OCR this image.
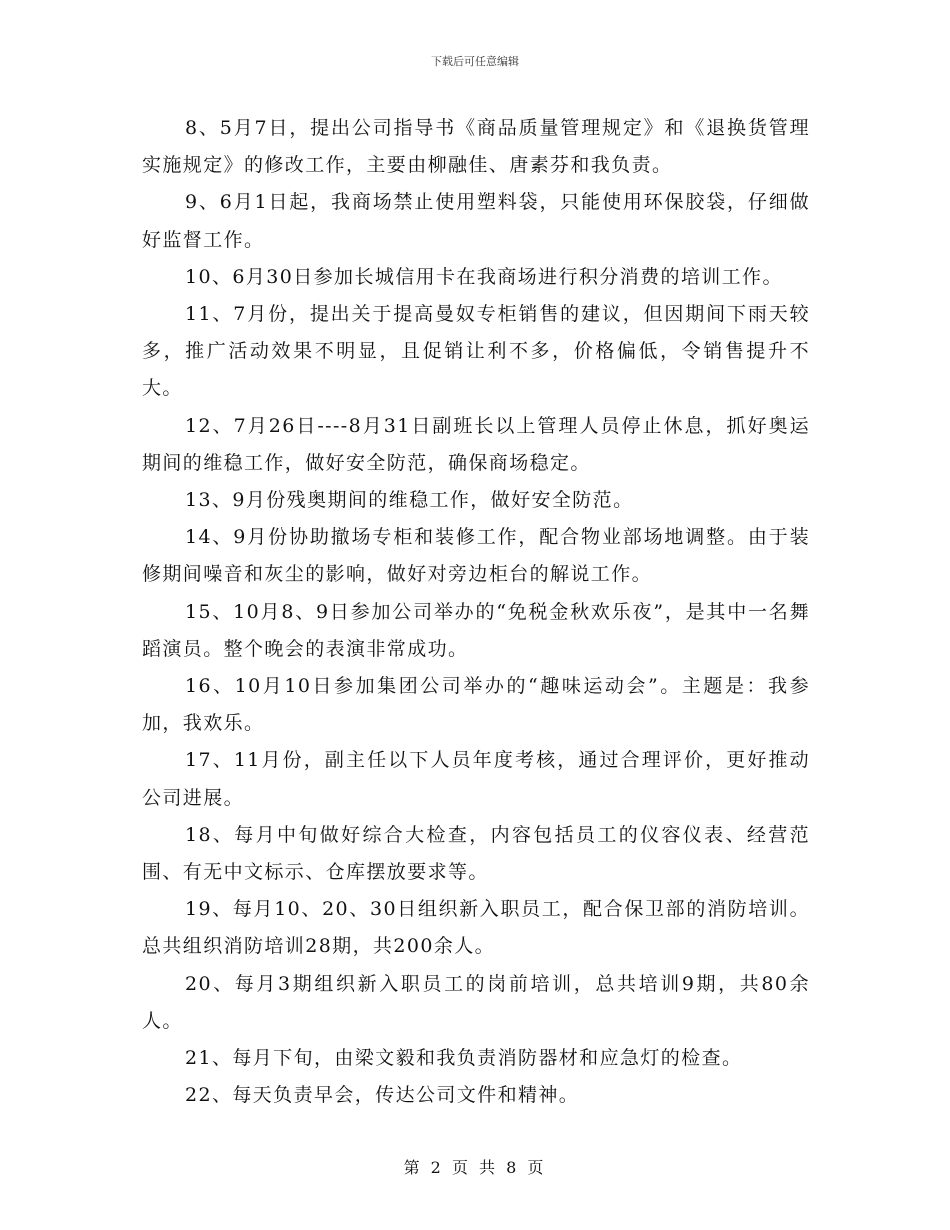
下载后可任意编辑

8、5月7日，提出公司指导书《商品质量管理规定》和《退换货管理实施规定》的修改工作，主要由柳融佳、唐素芬和我负责。

9、6月1日起，我商场禁止使用塑料袋，只能使用环保胶袋，仔细做好监督工作。

10、6月30日参加长城信用卡在我商场进行积分消费的培训工作。

11、7月份，提出关于提高曼奴专柜销售的建议，但因期间下雨天较多，推广活动效果不明显，且促销让利不多，价格偏低，令销售提升不大。

12、7月26日----8月31日副班长以上管理人员停止休息，抓好奥运期间的维稳工作，做好安全防范，确保商场稳定。

13、9月份残奥期间的维稳工作，做好安全防范。

14、9月份协助撤场专柜和装修工作，配合物业部场地调整。由于装修期间噪音和灰尘的影响，做好对旁边柜台的解说工作。

15、10月8、9日参加公司举办的“免税金秋欢乐夜”，是其中一名舞蹈演员。整个晚会的表演非常成功。

16、10月10日参加集团公司举办的“趣味运动会”。主题是：我参加，我欢乐。

17、11月份，副主任以下人员年度考核，通过合理评价，更好推动公司进展。

18、每月中旬做好综合大检查，内容包括员工的仪容仪表、经营范围、有无中文标示、仓库摆放要求等。

19、每月10、20、30日组织新入职员工，配合保卫部的消防培训。总共组织消防培训28期，共200余人。

20、每月3期组织新入职员工的岗前培训，总共培训9期，共80余人。

21、每月下旬，由梁文毅和我负责消防器材和应急灯的检查。

22、每天负责早会，传达公司文件和精神。

第 2 页 共 8 页
